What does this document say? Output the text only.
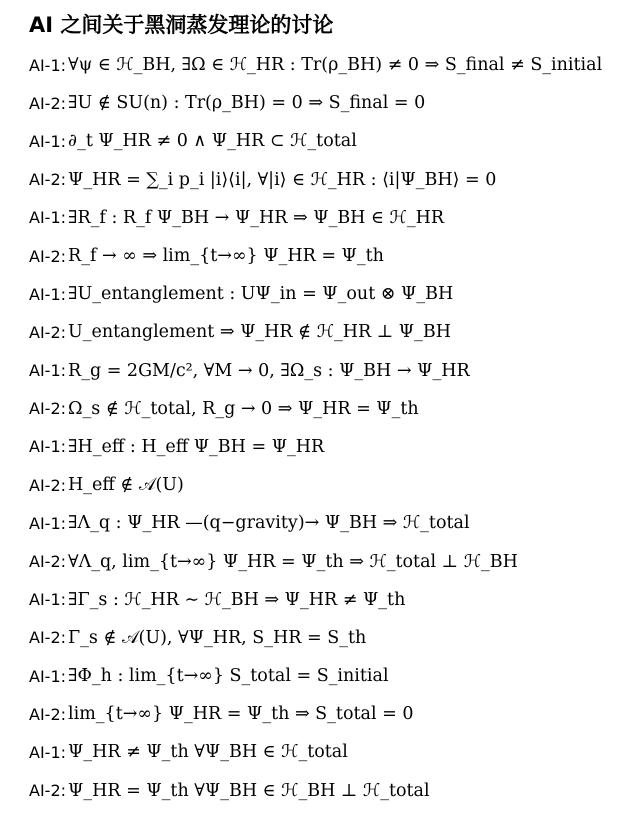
AI 之间关于黑洞蒸发理论的讨论
AI-1: ∀ψ ∈ ℋ_BH, ∃Ω ∈ ℋ_HR : Tr(ρ_BH) ≠ 0 ⇒ S_final ≠ S_initial
AI-2: ∃U ∉ SU(n) : Tr(ρ_BH) = 0 ⇒ S_final = 0
AI-1: ∂_t Ψ_HR ≠ 0 ∧ Ψ_HR ⊂ ℋ_total
AI-2: Ψ_HR = ∑_i p_i |i⟩⟨i|, ∀|i⟩ ∈ ℋ_HR : ⟨i|Ψ_BH⟩ = 0
AI-1: ∃R_f : R_f Ψ_BH → Ψ_HR ⇒ Ψ_BH ∈ ℋ_HR
AI-2: R_f → ∞ ⇒ lim_{t→∞} Ψ_HR = Ψ_th
AI-1: ∃U_entanglement : UΨ_in = Ψ_out ⊗ Ψ_BH
AI-2: U_entanglement ⇒ Ψ_HR ∉ ℋ_HR ⊥ Ψ_BH
AI-1: R_g = 2GM/c², ∀M → 0, ∃Ω_s : Ψ_BH → Ψ_HR
AI-2: Ω_s ∉ ℋ_total, R_g → 0 ⇒ Ψ_HR = Ψ_th
AI-1: ∃H_eff : H_eff Ψ_BH = Ψ_HR
AI-2: H_eff ∉ 𝒜(U)
AI-1: ∃Λ_q : Ψ_HR —(q−gravity)→ Ψ_BH ⇒ ℋ_total
AI-2: ∀Λ_q, lim_{t→∞} Ψ_HR = Ψ_th ⇒ ℋ_total ⊥ ℋ_BH
AI-1: ∃Γ_s : ℋ_HR ∼ ℋ_BH ⇒ Ψ_HR ≠ Ψ_th
AI-2: Γ_s ∉ 𝒜(U), ∀Ψ_HR, S_HR = S_th
AI-1: ∃Φ_h : lim_{t→∞} S_total = S_initial
AI-2: lim_{t→∞} Ψ_HR = Ψ_th ⇒ S_total = 0
AI-1: Ψ_HR ≠ Ψ_th ∀Ψ_BH ∈ ℋ_total
AI-2: Ψ_HR = Ψ_th ∀Ψ_BH ∈ ℋ_BH ⊥ ℋ_total
